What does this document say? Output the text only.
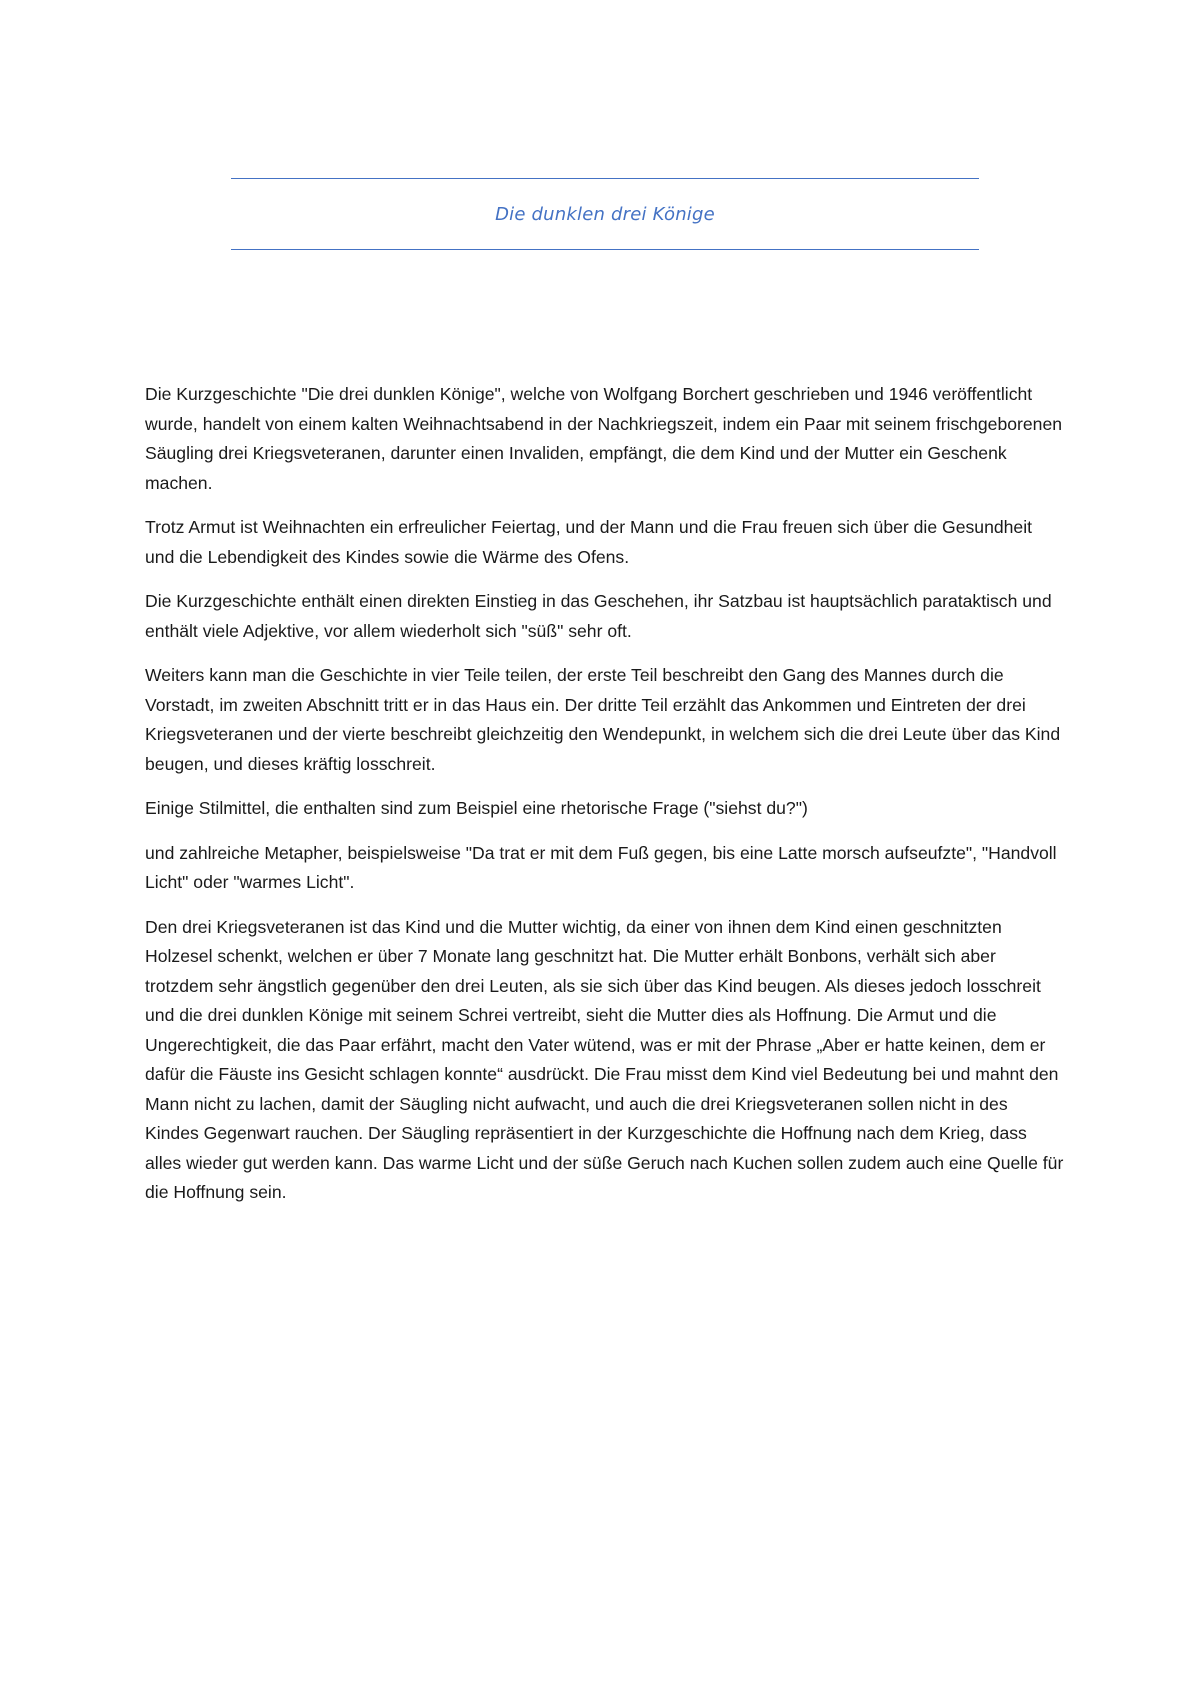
Die dunklen drei Könige

Die Kurzgeschichte "Die drei dunklen Könige", welche von Wolfgang Borchert geschrieben und 1946 veröffentlicht wurde, handelt von einem kalten Weihnachtsabend in der Nachkriegszeit, indem ein Paar mit seinem frischgeborenen Säugling drei Kriegsveteranen, darunter einen Invaliden, empfängt, die dem Kind und der Mutter ein Geschenk machen.

Trotz Armut ist Weihnachten ein erfreulicher Feiertag, und der Mann und die Frau freuen sich über die Gesundheit und die Lebendigkeit des Kindes sowie die Wärme des Ofens.

Die Kurzgeschichte enthält einen direkten Einstieg in das Geschehen, ihr Satzbau ist hauptsächlich parataktisch und enthält viele Adjektive, vor allem wiederholt sich "süß" sehr oft.

Weiters kann man die Geschichte in vier Teile teilen, der erste Teil beschreibt den Gang des Mannes durch die Vorstadt, im zweiten Abschnitt tritt er in das Haus ein. Der dritte Teil erzählt das Ankommen und Eintreten der drei Kriegsveteranen und der vierte beschreibt gleichzeitig den Wendepunkt, in welchem sich die drei Leute über das Kind beugen, und dieses kräftig losschreit.

Einige Stilmittel, die enthalten sind zum Beispiel eine rhetorische Frage ("siehst du?")

und zahlreiche Metapher, beispielsweise "Da trat er mit dem Fuß gegen, bis eine Latte morsch aufseufzte", "Handvoll Licht" oder "warmes Licht".

Den drei Kriegsveteranen ist das Kind und die Mutter wichtig, da einer von ihnen dem Kind einen geschnitzten Holzesel schenkt, welchen er über 7 Monate lang geschnitzt hat. Die Mutter erhält Bonbons, verhält sich aber trotzdem sehr ängstlich gegenüber den drei Leuten, als sie sich über das Kind beugen. Als dieses jedoch losschreit und die drei dunklen Könige mit seinem Schrei vertreibt, sieht die Mutter dies als Hoffnung. Die Armut und die Ungerechtigkeit, die das Paar erfährt, macht den Vater wütend, was er mit der Phrase „Aber er hatte keinen, dem er dafür die Fäuste ins Gesicht schlagen konnte“ ausdrückt. Die Frau misst dem Kind viel Bedeutung bei und mahnt den Mann nicht zu lachen, damit der Säugling nicht aufwacht, und auch die drei Kriegsveteranen sollen nicht in des Kindes Gegenwart rauchen. Der Säugling repräsentiert in der Kurzgeschichte die Hoffnung nach dem Krieg, dass alles wieder gut werden kann. Das warme Licht und der süße Geruch nach Kuchen sollen zudem auch eine Quelle für die Hoffnung sein.
